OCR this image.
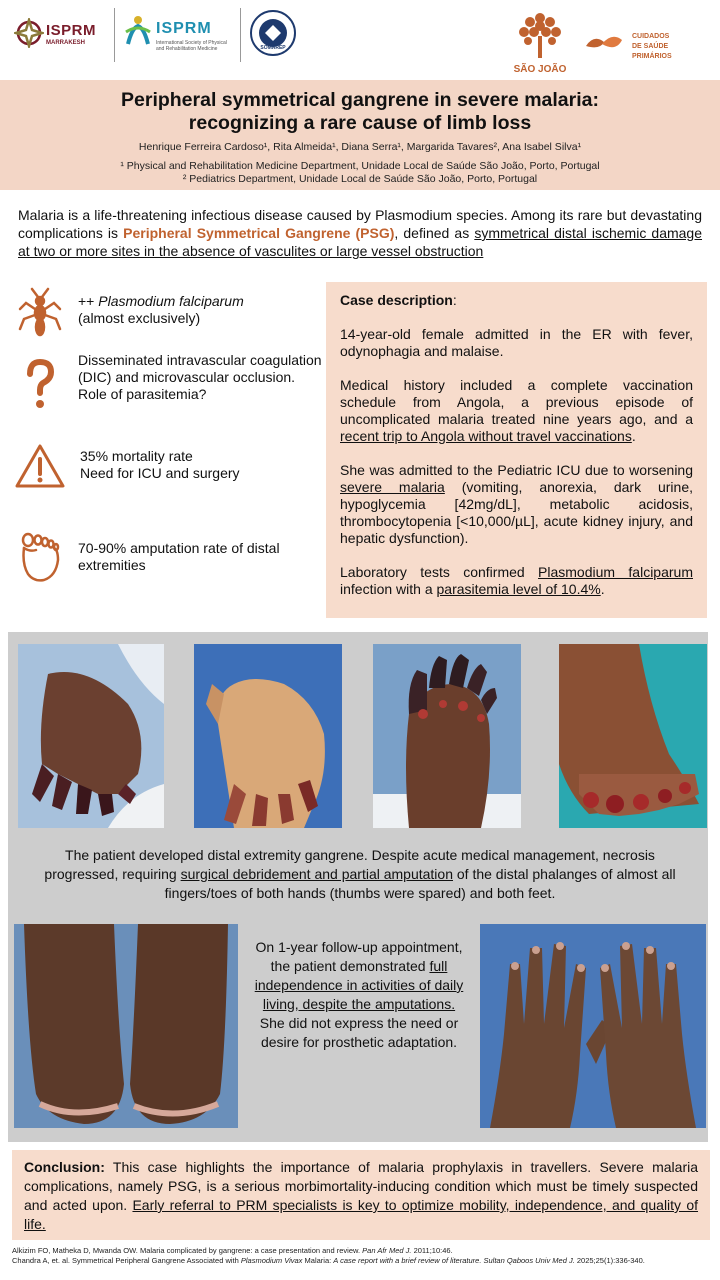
ISPRM
MARRAKESH
ISPRM
International Society of Physical and Rehabilitation Medicine	SOMAREP
SÃO JOÃO
CUIDADOS
DE SAÚDE PRIMÁRIOS
Peripheral symmetrical gangrene in severe malaria:
recognizing a rare cause of limb loss
Henrique Ferreira Cardoso¹, Rita Almeida¹, Diana Serra¹, Margarida Tavares², Ana Isabel Silva¹
¹ Physical and Rehabilitation Medicine Department, Unidade Local de Saúde São João, Porto, Portugal
² Pediatrics Department, Unidade Local de Saúde São João, Porto, Portugal
Malaria is a life-threatening infectious disease caused by Plasmodium species. Among its rare but devastating complications is Peripheral Symmetrical Gangrene (PSG), defined as symmetrical distal ischemic damage at two or more sites in the absence of vasculites or large vessel obstruction
++ Plasmodium falciparum
(almost exclusively)
Disseminated intravascular coagulation (DIC) and microvascular occlusion.
Role of parasitemia?
35% mortality rate
Need for ICU and surgery
70-90% amputation rate of distal extremities

Case description:

14-year-old female admitted in the ER with fever, odynophagia and malaise.

Medical history included a complete vaccination schedule from Angola, a previous episode of uncomplicated malaria treated nine years ago, and a recent trip to Angola without travel vaccinations.

She was admitted to the Pediatric ICU due to worsening severe malaria (vomiting, anorexia, dark urine, hypoglycemia [42mg/dL], metabolic acidosis, thrombocytopenia [<10,000/µL], acute kidney injury, and hepatic dysfunction).

Laboratory tests confirmed Plasmodium falciparum infection with a parasitemia level of 10.4%.

The patient developed distal extremity gangrene. Despite acute medical management, necrosis progressed, requiring surgical debridement and partial amputation of the distal phalanges of almost all fingers/toes of both hands (thumbs were spared) and both feet.
On 1-year follow-up appointment, the patient demonstrated full independence in activities of daily living, despite the amputations.
She did not express the need or desire for prosthetic adaptation.
Conclusion: This case highlights the importance of malaria prophylaxis in travellers. Severe malaria complications, namely PSG, is a serious morbimortality-inducing condition which must be timely suspected and acted upon. Early referral to PRM specialists is key to optimize mobility, independence, and quality of life.
Alkizim FO, Matheka D, Mwanda OW. Malaria complicated by gangrene: a case presentation and review. Pan Afr Med J. 2011;10:46.
Chandra A, et. al. Symmetrical Peripheral Gangrene Associated with Plasmodium Vivax Malaria: A case report with a brief review of literature. Sultan Qaboos Univ Med J. 2025;25(1):336-340.
